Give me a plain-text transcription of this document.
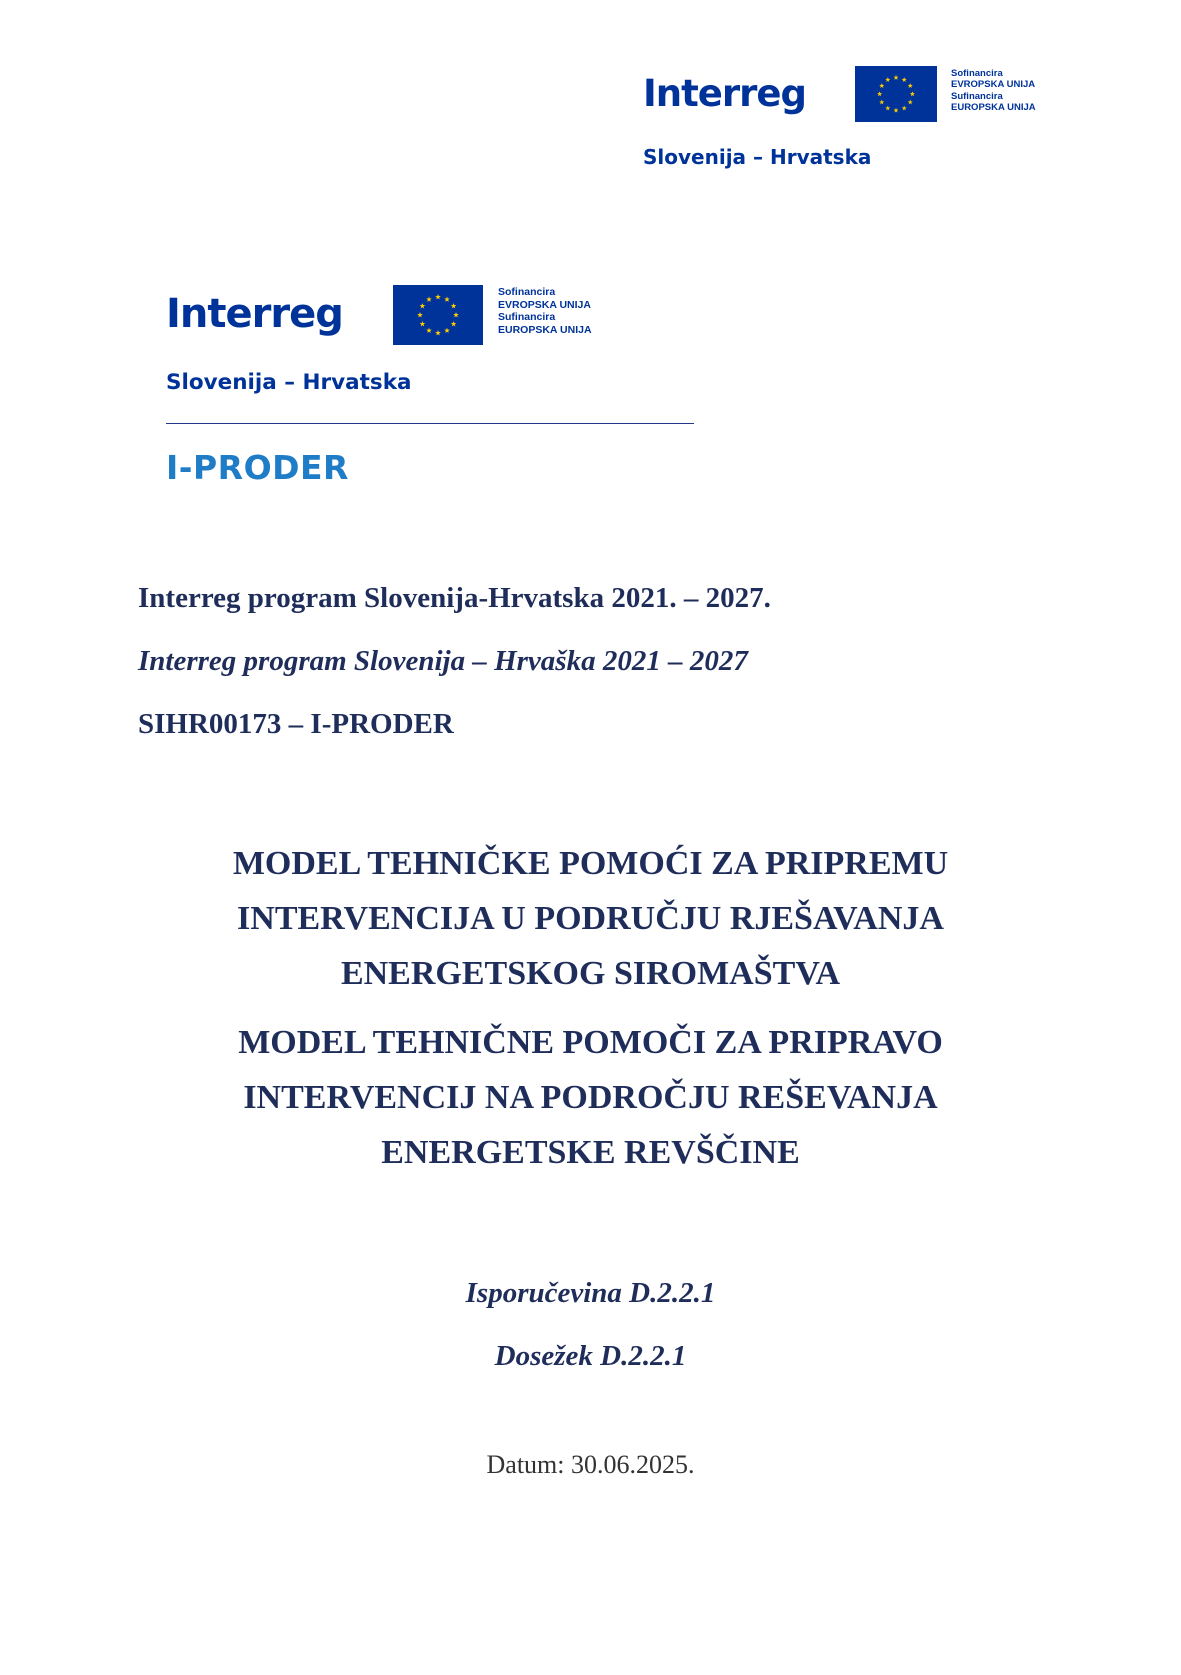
Interreg	Sofinancira
EVROPSKA UNIJA
Sufinancira
EUROPSKA UNIJA
Slovenija – Hrvatska
Interreg	Sofinancira
EVROPSKA UNIJA
Sufinancira
EUROPSKA UNIJA
Slovenija – Hrvatska
I-PRODER
Interreg program Slovenija-Hrvatska 2021. – 2027.
Interreg program Slovenija – Hrvaška 2021 – 2027
SIHR00173 – I-PRODER
MODEL TEHNIČKE POMOĆI ZA PRIPREMU
INTERVENCIJA U PODRUČJU RJEŠAVANJA
ENERGETSKOG SIROMAŠTVA
MODEL TEHNIČNE POMOČI ZA PRIPRAVO
INTERVENCIJ NA PODROČJU REŠEVANJA
ENERGETSKE REVŠČINE
Isporučevina D.2.2.1
Dosežek D.2.2.1
Datum: 30.06.2025.
